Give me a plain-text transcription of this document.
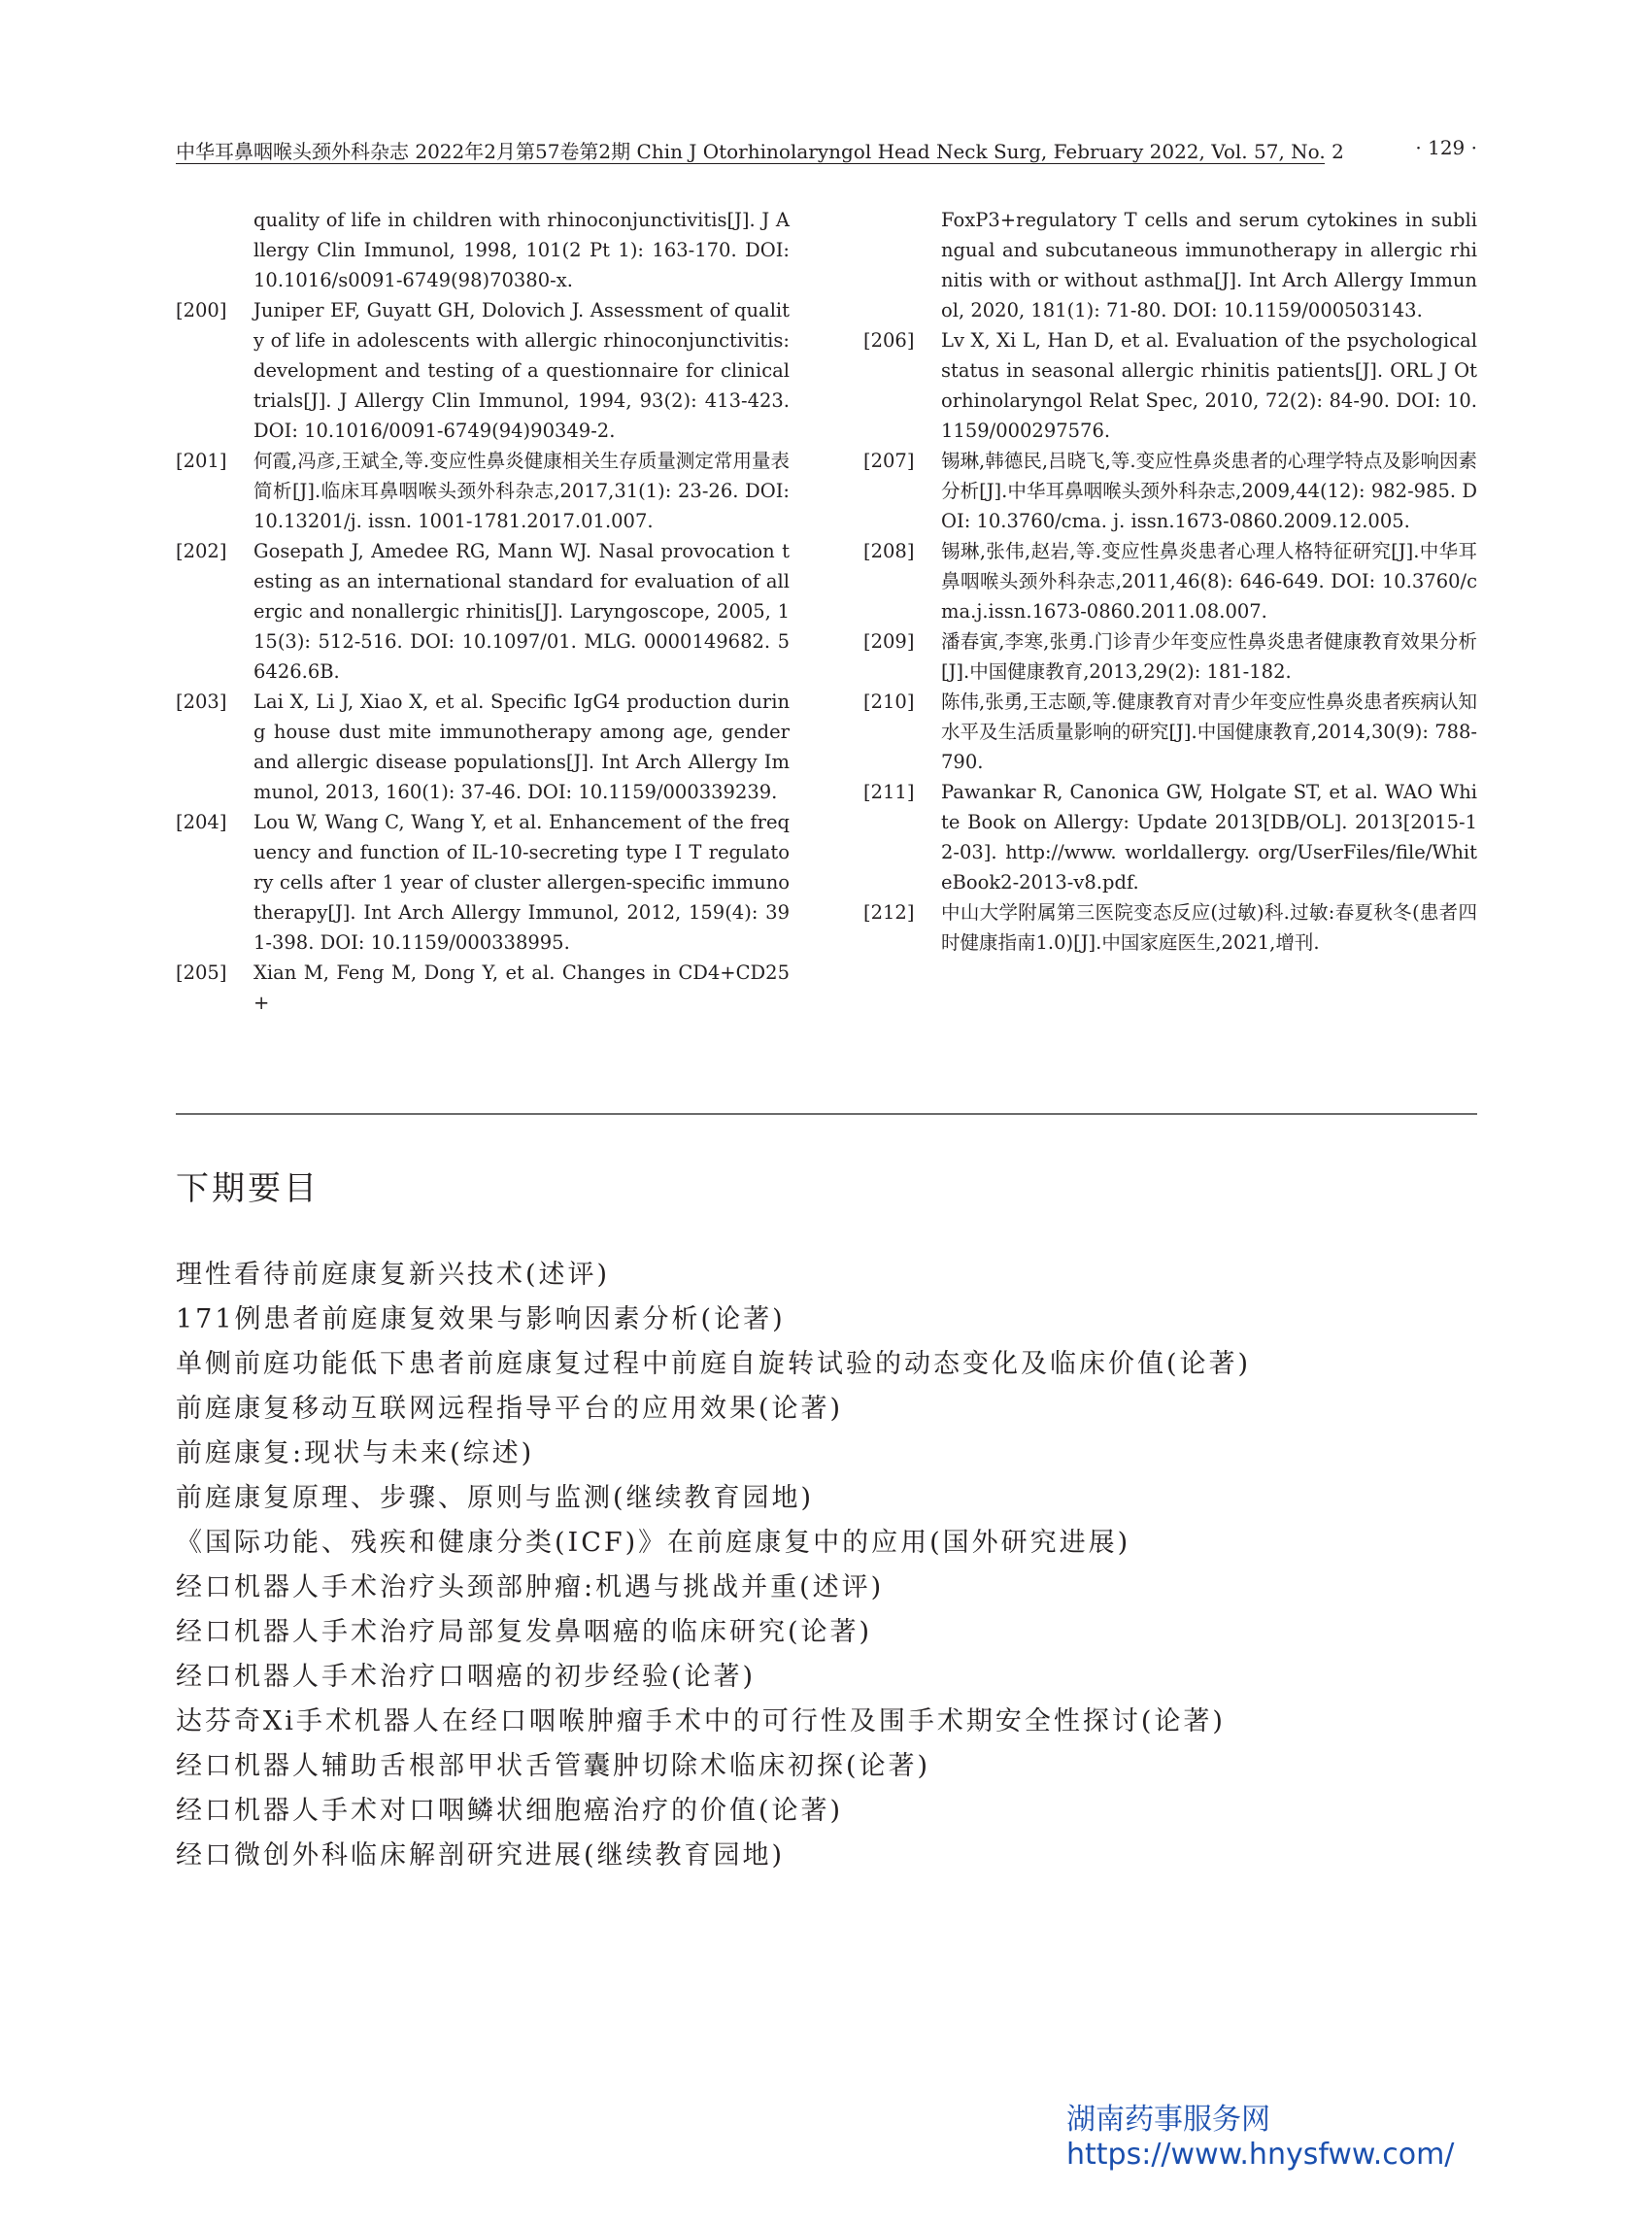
中华耳鼻咽喉头颈外科杂志 2022年2月第57卷第2期 Chin J Otorhinolaryngol Head Neck Surg, February 2022, Vol. 57, No. 2	· 129 ·
quality of life in children with rhinoconjunctivitis[J]. J Allergy Clin Immunol, 1998, 101(2 Pt 1): 163-170. DOI: 10.1016/s0091-6749(98)70380-x.
[200] Juniper EF, Guyatt GH, Dolovich J. Assessment of quality of life in adolescents with allergic rhinoconjunctivitis: development and testing of a questionnaire for clinical trials[J]. J Allergy Clin Immunol, 1994, 93(2): 413-423. DOI: 10.1016/0091-6749(94)90349-2.
[201] 何霞,冯彦,王斌全,等.变应性鼻炎健康相关生存质量测定常用量表简析[J].临床耳鼻咽喉头颈外科杂志,2017,31(1): 23-26. DOI: 10.13201/j. issn. 1001-1781.2017.01.007.
[202] Gosepath J, Amedee RG, Mann WJ. Nasal provocation testing as an international standard for evaluation of allergic and nonallergic rhinitis[J]. Laryngoscope, 2005, 115(3): 512-516. DOI: 10.1097/01. MLG. 0000149682. 56426.6B.
[203] Lai X, Li J, Xiao X, et al. Specific IgG4 production during house dust mite immunotherapy among age, gender and allergic disease populations[J]. Int Arch Allergy Immunol, 2013, 160(1): 37-46. DOI: 10.1159/000339239.
[204] Lou W, Wang C, Wang Y, et al. Enhancement of the frequency and function of IL-10-secreting type I T regulatory cells after 1 year of cluster allergen-specific immunotherapy[J]. Int Arch Allergy Immunol, 2012, 159(4): 391-398. DOI: 10.1159/000338995.
[205] Xian M, Feng M, Dong Y, et al. Changes in CD4+CD25+
FoxP3+regulatory T cells and serum cytokines in sublingual and subcutaneous immunotherapy in allergic rhinitis with or without asthma[J]. Int Arch Allergy Immunol, 2020, 181(1): 71-80. DOI: 10.1159/000503143.
[206] Lv X, Xi L, Han D, et al. Evaluation of the psychological status in seasonal allergic rhinitis patients[J]. ORL J Otorhinolaryngol Relat Spec, 2010, 72(2): 84-90. DOI: 10.1159/000297576.
[207] 锡琳,韩德民,吕晓飞,等.变应性鼻炎患者的心理学特点及影响因素分析[J].中华耳鼻咽喉头颈外科杂志,2009,44(12): 982-985. DOI: 10.3760/cma. j. issn.1673-0860.2009.12.005.
[208] 锡琳,张伟,赵岩,等.变应性鼻炎患者心理人格特征研究[J].中华耳鼻咽喉头颈外科杂志,2011,46(8): 646-649. DOI: 10.3760/cma.j.issn.1673-0860.2011.08.007.
[209] 潘春寅,李寒,张勇.门诊青少年变应性鼻炎患者健康教育效果分析[J].中国健康教育,2013,29(2): 181-182.
[210] 陈伟,张勇,王志颐,等.健康教育对青少年变应性鼻炎患者疾病认知水平及生活质量影响的研究[J].中国健康教育,2014,30(9): 788-790.
[211] Pawankar R, Canonica GW, Holgate ST, et al. WAO White Book on Allergy: Update 2013[DB/OL]. 2013[2015-12-03]. http://www. worldallergy. org/UserFiles/file/WhiteBook2-2013-v8.pdf.
[212] 中山大学附属第三医院变态反应(过敏)科.过敏:春夏秋冬(患者四时健康指南1.0)[J].中国家庭医生,2021,增刊.
下期要目
理性看待前庭康复新兴技术(述评)
171例患者前庭康复效果与影响因素分析(论著)
单侧前庭功能低下患者前庭康复过程中前庭自旋转试验的动态变化及临床价值(论著)
前庭康复移动互联网远程指导平台的应用效果(论著)
前庭康复:现状与未来(综述)
前庭康复原理、步骤、原则与监测(继续教育园地)
《国际功能、残疾和健康分类(ICF)》在前庭康复中的应用(国外研究进展)
经口机器人手术治疗头颈部肿瘤:机遇与挑战并重(述评)
经口机器人手术治疗局部复发鼻咽癌的临床研究(论著)
经口机器人手术治疗口咽癌的初步经验(论著)
达芬奇Xi手术机器人在经口咽喉肿瘤手术中的可行性及围手术期安全性探讨(论著)
经口机器人辅助舌根部甲状舌管囊肿切除术临床初探(论著)
经口机器人手术对口咽鳞状细胞癌治疗的价值(论著)
经口微创外科临床解剖研究进展(继续教育园地)
湖南药事服务网
https://www.hnysfww.com/
